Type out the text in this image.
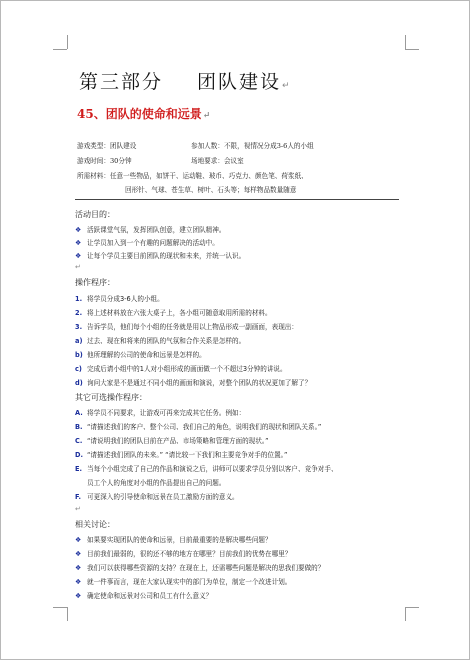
第三部分 团队建设↵
45、团队的使命和远景↵
游戏类型：团队建设	参加人数：不限，视情况分成3-6人的小组
游戏时间：30分钟	场地要求：会议室
所需材料：任意一些物品，如饼干、运动鞋、玻币、巧克力、颜色笔、荷浆纸、
回形针、气球、苍生草、树叶、石头等；每样物品数量随意
活动目的：
❖ 活跃课堂气氛，发挥团队创意，建立团队精神。
❖ 让学员加入到一个有趣的问题解决的活动中。
❖ 让每个学员主要目前团队的现状和未来，并统一认识。
↵
操作程序：
1. 将学员分成3-6人的小组。
2. 将上述材料放在六张大桌子上，各小组可随意取用所需的材料。
3. 告诉学员，他们每个小组的任务就是用以上物品形成一副画面，表现出：
a) 过去、现在和将来的团队的气氛和合作关系是怎样的。
b) 他所理解的公司的使命和远景是怎样的。
c) 完成后请小组中的1人对小组形成的画面做一个不超过3分钟的讲说。
d) 询问大家是不是通过不同小组的画面和演说，对整个团队的状况更加了解了？
其它可选操作程序：
A. 将学员不同要求，让游戏可再来完成其它任务。例如：
B. “请描述我们的客户、整个公司、我们自己的角色，说明我们的现状和团队关系。”
C. “请说明我们的团队目前在产品、市场策略和管理方面的现状。”
D. “请描述我们团队的未来。” “请比较一下我们和主要竞争对手的位置。”
E. 当每个小组完成了自己的作品和演说之后，讲师可以要求学员分别以客户、竞争对手、
员工个人的角度对小组的作品提出自己的问题。
F. 可更深入的引导使命和远景在员工激励方面的意义。
↵
相关讨论：
❖ 如果要实现团队的使命和远景，目前最重要的是解决哪些问题？
❖ 目前我们最弱的，很的还不够的地方在哪里？目前我们的优势在哪里？
❖ 我们可以获得哪些资源的支持？在现在上，还需哪些问题是解决的思我们要做的？
❖ 就一件事而言，现在大家认现实中的部门为单位，制定一个改进计划。
❖ 确定使命和远景对公司和员工有什么意义？
